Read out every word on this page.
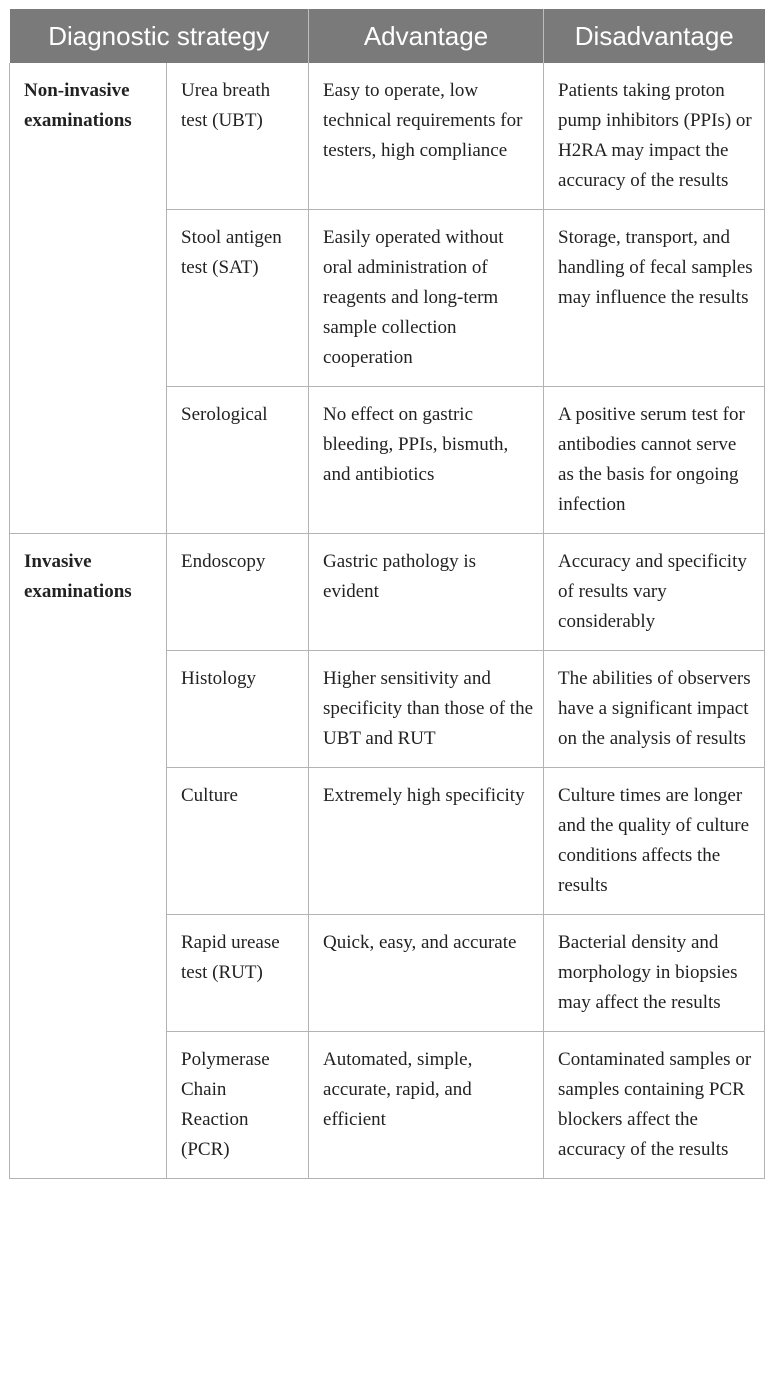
Diagnostic strategy		Advantage	Disadvantage
Non-invasive examinations	Urea breath test (UBT)	Easy to operate, low technical requirements for testers, high compliance	Patients taking proton pump inhibitors (PPIs) or H2RA may impact the accuracy of the results
	Stool antigen test (SAT)	Easily operated without oral administration of reagents and long-term sample collection cooperation	Storage, transport, and handling of fecal samples may influence the results
	Serological	No effect on gastric bleeding, PPIs, bismuth, and antibiotics	A positive serum test for antibodies cannot serve as the basis for ongoing infection
Invasive examinations	Endoscopy	Gastric pathology is evident	Accuracy and specificity of results vary considerably
	Histology	Higher sensitivity and specificity than those of the UBT and RUT	The abilities of observers have a significant impact on the analysis of results
	Culture	Extremely high specificity	Culture times are longer and the quality of culture conditions affects the results
	Rapid urease test (RUT)	Quick, easy, and accurate	Bacterial density and morphology in biopsies may affect the results
	Polymerase Chain Reaction (PCR)	Automated, simple, accurate, rapid, and efficient	Contaminated samples or samples containing PCR blockers affect the accuracy of the results
